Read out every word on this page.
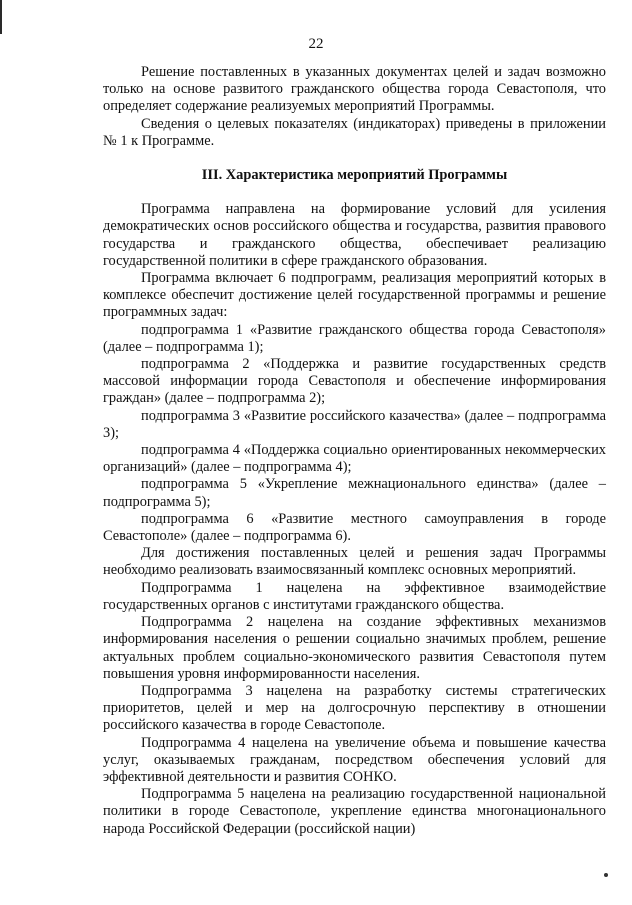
22

Решение поставленных в указанных документах целей и задач возможно только на основе развитого гражданского общества города Севастополя, что определяет содержание реализуемых мероприятий Программы.

Сведения о целевых показателях (индикаторах) приведены в приложении № 1 к Программе.

III. Характеристика мероприятий Программы

Программа направлена на формирование условий для усиления демократических основ российского общества и государства, развития правового государства и гражданского общества, обеспечивает реализацию государственной политики в сфере гражданского образования.

Программа включает 6 подпрограмм, реализация мероприятий которых в комплексе обеспечит достижение целей государственной программы и решение программных задач:

подпрограмма 1 «Развитие гражданского общества города Севастополя» (далее – подпрограмма 1);

подпрограмма 2 «Поддержка и развитие государственных средств массовой информации города Севастополя и обеспечение информирования граждан» (далее – подпрограмма 2);

подпрограмма 3 «Развитие российского казачества» (далее – подпрограмма 3);

подпрограмма 4 «Поддержка социально ориентированных некоммерческих организаций» (далее – подпрограмма 4);

подпрограмма 5 «Укрепление межнационального единства» (далее – подпрограмма 5);

подпрограмма 6 «Развитие местного самоуправления в городе Севастополе» (далее – подпрограмма 6).

Для достижения поставленных целей и решения задач Программы необходимо реализовать взаимосвязанный комплекс основных мероприятий.

Подпрограмма 1 нацелена на эффективное взаимодействие государственных органов с институтами гражданского общества.

Подпрограмма 2 нацелена на создание эффективных механизмов информирования населения о решении социально значимых проблем, решение актуальных проблем социально-экономического развития Севастополя путем повышения уровня информированности населения.

Подпрограмма 3 нацелена на разработку системы стратегических приоритетов, целей и мер на долгосрочную перспективу в отношении российского казачества в городе Севастополе.

Подпрограмма 4 нацелена на увеличение объема и повышение качества услуг, оказываемых гражданам, посредством обеспечения условий для эффективной деятельности и развития СОНКО.

Подпрограмма 5 нацелена на реализацию государственной национальной политики в городе Севастополе, укрепление единства многонационального народа Российской Федерации (российской нации)
